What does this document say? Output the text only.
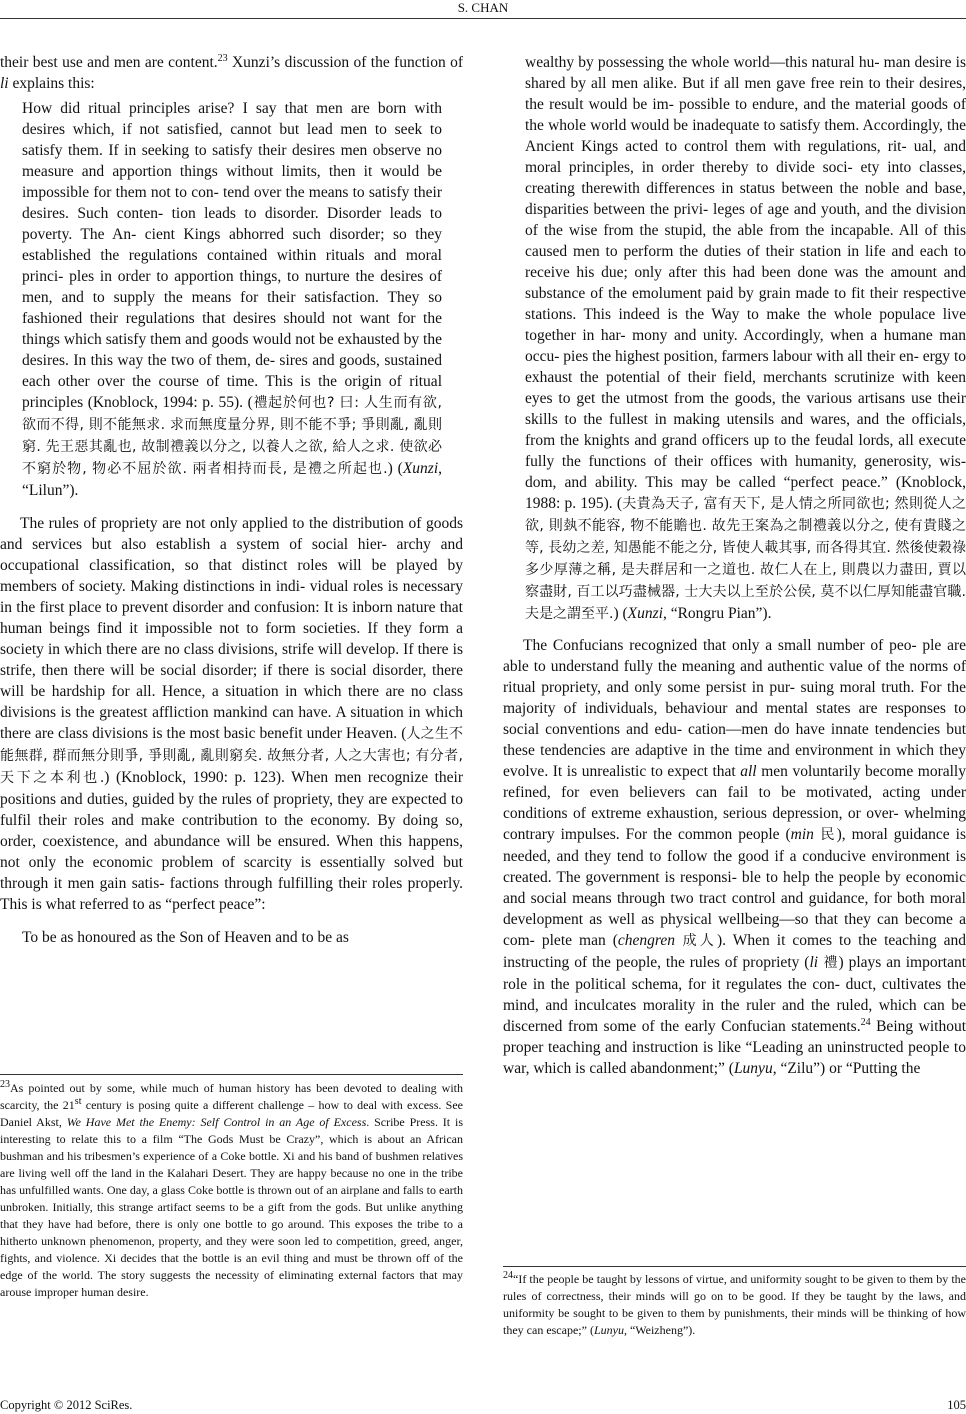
S. CHAN

their best use and men are content.$^{23}$ Xunzi’s discussion of the function of li explains this:

How did ritual principles arise? I say that men are born with desires which, if not satisfied, cannot but lead men to seek to satisfy them. If in seeking to satisfy their desires men observe no measure and apportion things without limits, then it would be impossible for them not to con- tend over the means to satisfy their desires. Such conten- tion leads to disorder. Disorder leads to poverty. The An- cient Kings abhorred such disorder; so they established the regulations contained within rituals and moral princi- ples in order to apportion things, to nurture the desires of men, and to supply the means for their satisfaction. They so fashioned their regulations that desires should not want for the things which satisfy them and goods would not be exhausted by the desires. In this way the two of them, de- sires and goods, sustained each other over the course of time. This is the origin of ritual principles (Knoblock, 1994: p. 55). (禮起於何也? 曰: 人生而有欲, 欲而不得, 則不能無求. 求而無度量分界, 則不能不爭; 爭則亂, 亂則窮. 先王惡其亂也, 故制禮義以分之, 以養人之欲, 給人之求. 使欲必不窮於物, 物必不屈於欲. 兩者相持而長, 是禮之所起也.) (Xunzi, “Lilun”).

The rules of propriety are not only applied to the distribution of goods and services but also establish a system of social hier- archy and occupational classification, so that distinct roles will be played by members of society. Making distinctions in indi- vidual roles is necessary in the first place to prevent disorder and confusion: It is inborn nature that human beings find it impossible not to form societies. If they form a society in which there are no class divisions, strife will develop. If there is strife, then there will be social disorder; if there is social disorder, there will be hardship for all. Hence, a situation in which there are no class divisions is the greatest affliction mankind can have. A situation in which there are class divisions is the most basic benefit under Heaven. (人之生不能無群, 群而無分則爭, 爭則亂, 亂則窮矣. 故無分者, 人之大害也; 有分者, 天下之本利也.) (Knoblock, 1990: p. 123). When men recognize their positions and duties, guided by the rules of propriety, they are expected to fulfil their roles and make contribution to the economy. By doing so, order, coexistence, and abundance will be ensured. When this happens, not only the economic problem of scarcity is essentially solved but through it men gain satis- factions through fulfilling their roles properly. This is what referred to as “perfect peace”:

To be as honoured as the Son of Heaven and to be as

$^{23}$As pointed out by some, while much of human history has been devoted to dealing with scarcity, the 21st century is posing quite a different challenge – how to deal with excess. See Daniel Akst, We Have Met the Enemy: Self Control in an Age of Excess. Scribe Press. It is interesting to relate this to a film “The Gods Must be Crazy”, which is about an African bushman and his tribesmen’s experience of a Coke bottle. Xi and his band of bushmen relatives are living well off the land in the Kalahari Desert. They are happy because no one in the tribe has unfulfilled wants. One day, a glass Coke bottle is thrown out of an airplane and falls to earth unbroken. Initially, this strange artifact seems to be a gift from the gods. But unlike anything that they have had before, there is only one bottle to go around. This exposes the tribe to a hitherto unknown phenomenon, property, and they were soon led to competition, greed, anger, fights, and violence. Xi decides that the bottle is an evil thing and must be thrown off of the edge of the world. The story suggests the necessity of eliminating external factors that may arouse improper human desire.

wealthy by possessing the whole world—this natural hu- man desire is shared by all men alike. But if all men gave free rein to their desires, the result would be im- possible to endure, and the material goods of the whole world would be inadequate to satisfy them. Accordingly, the Ancient Kings acted to control them with regulations, rit- ual, and moral principles, in order thereby to divide soci- ety into classes, creating therewith differences in status between the noble and base, disparities between the privi- leges of age and youth, and the division of the wise from the stupid, the able from the incapable. All of this caused men to perform the duties of their station in life and each to receive his due; only after this had been done was the amount and substance of the emolument paid by grain made to fit their respective stations. This indeed is the Way to make the whole populace live together in har- mony and unity. Accordingly, when a humane man occu- pies the highest position, farmers labour with all their en- ergy to exhaust the potential of their field, merchants scrutinize with keen eyes to get the utmost from the goods, the various artisans use their skills to the fullest in making utensils and wares, and the officials, from the knights and grand officers up to the feudal lords, all execute fully the functions of their offices with humanity, generosity, wis- dom, and ability. This may be called “perfect peace.” (Knoblock, 1988: p. 195). (夫貴為天子, 富有天下, 是人情之所同欲也; 然則從人之欲, 則埶不能容, 物不能贍也. 故先王案為之制禮義以分之, 使有貴賤之等, 長幼之差, 知愚能不能之分, 皆使人載其事, 而各得其宜. 然後使穀祿多少厚薄之稱, 是夫群居和一之道也. 故仁人在上, 則農以力盡田, 賈以察盡財, 百工以巧盡械器, 士大夫以上至於公侯, 莫不以仁厚知能盡官職. 夫是之謂至平.) (Xunzi, “Rongru Pian”).

The Confucians recognized that only a small number of peo- ple are able to understand fully the meaning and authentic value of the norms of ritual propriety, and only some persist in pur- suing moral truth. For the majority of individuals, behaviour and mental states are responses to social conventions and edu- cation—men do have innate tendencies but these tendencies are adaptive in the time and environment in which they evolve. It is unrealistic to expect that all men voluntarily become morally refined, for even believers can fail to be motivated, acting under conditions of extreme exhaustion, serious depression, or over- whelming contrary impulses. For the common people (min 民), moral guidance is needed, and they tend to follow the good if a conducive environment is created. The government is responsi- ble to help the people by economic and social means through two tract control and guidance, for both moral development as well as physical wellbeing—so that they can become a com- plete man (chengren 成人). When it comes to the teaching and instructing of the people, the rules of propriety (li 禮) plays an important role in the political schema, for it regulates the con- duct, cultivates the mind, and inculcates morality in the ruler and the ruled, which can be discerned from some of the early Confucian statements.$^{24}$ Being without proper teaching and instruction is like “Leading an uninstructed people to war, which is called abandonment;” (Lunyu, “Zilu”) or “Putting the

$^{24}$“If the people be taught by lessons of virtue, and uniformity sought to be given to them by the rules of correctness, their minds will go on to be good. If they be taught by the laws, and uniformity be sought to be given to them by punishments, their minds will be thinking of how they can escape;” (Lunyu, “Weizheng”).
Copyright © 2012 SciRes.	105
